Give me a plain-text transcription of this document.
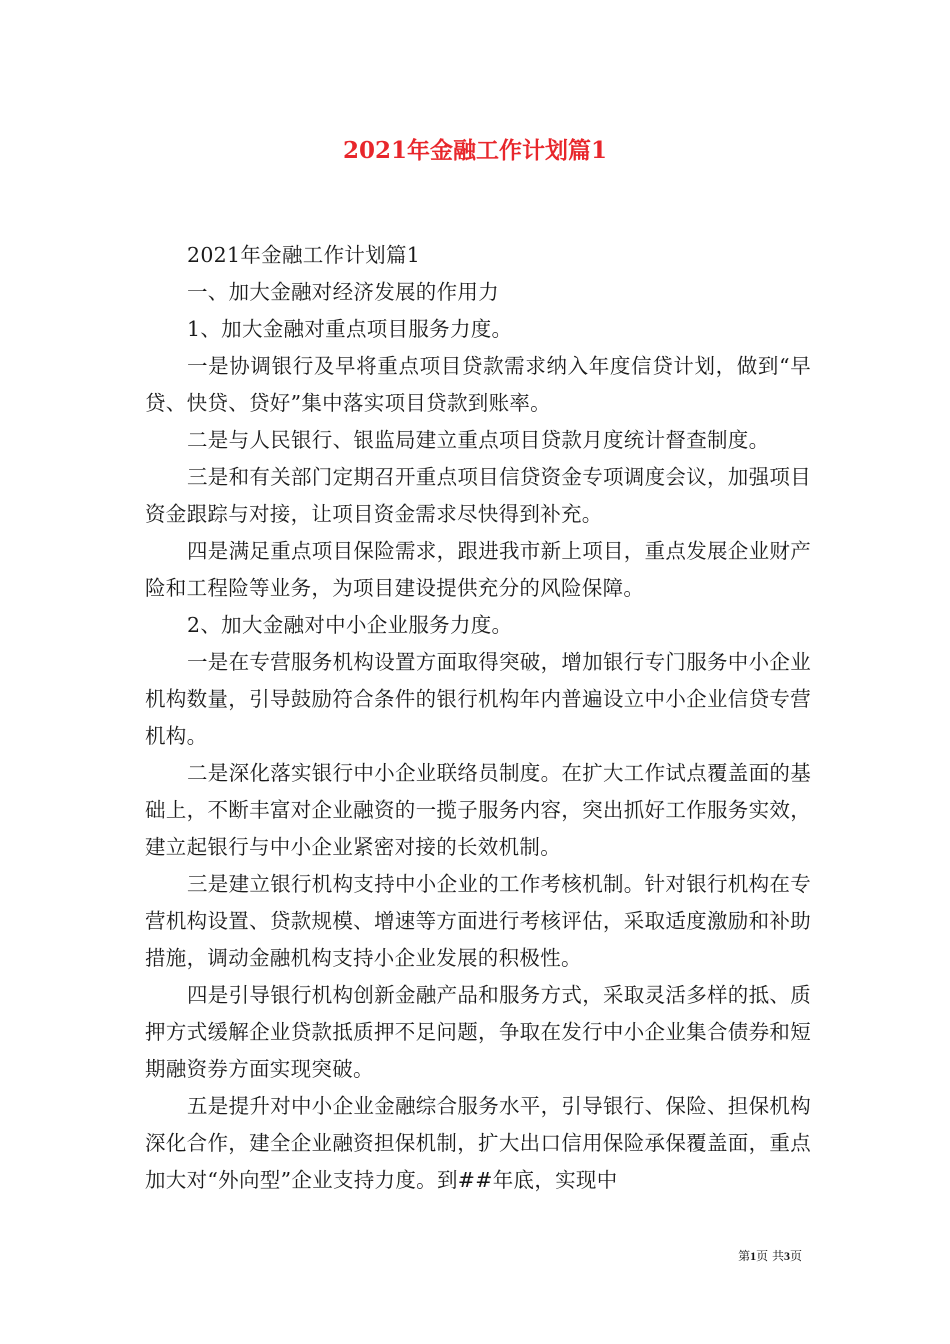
2021年金融工作计划篇1

2021年金融工作计划篇1

一、加大金融对经济发展的作用力

1、加大金融对重点项目服务力度。

一是协调银行及早将重点项目贷款需求纳入年度信贷计划，做到“早贷、快贷、贷好”集中落实项目贷款到账率。

二是与人民银行、银监局建立重点项目贷款月度统计督查制度。

三是和有关部门定期召开重点项目信贷资金专项调度会议，加强项目资金跟踪与对接，让项目资金需求尽快得到补充。

四是满足重点项目保险需求，跟进我市新上项目，重点发展企业财产险和工程险等业务，为项目建设提供充分的风险保障。

2、加大金融对中小企业服务力度。

一是在专营服务机构设置方面取得突破，增加银行专门服务中小企业机构数量，引导鼓励符合条件的银行机构年内普遍设立中小企业信贷专营机构。

二是深化落实银行中小企业联络员制度。在扩大工作试点覆盖面的基础上，不断丰富对企业融资的一揽子服务内容，突出抓好工作服务实效，建立起银行与中小企业紧密对接的长效机制。

三是建立银行机构支持中小企业的工作考核机制。针对银行机构在专营机构设置、贷款规模、增速等方面进行考核评估，采取适度激励和补助措施，调动金融机构支持小企业发展的积极性。

四是引导银行机构创新金融产品和服务方式，采取灵活多样的抵、质押方式缓解企业贷款抵质押不足问题，争取在发行中小企业集合债券和短期融资券方面实现突破。

五是提升对中小企业金融综合服务水平，引导银行、保险、担保机构深化合作，建全企业融资担保机制，扩大出口信用保险承保覆盖面，重点加大对“外向型”企业支持力度。到##年底，实现中

第1页 共3页
